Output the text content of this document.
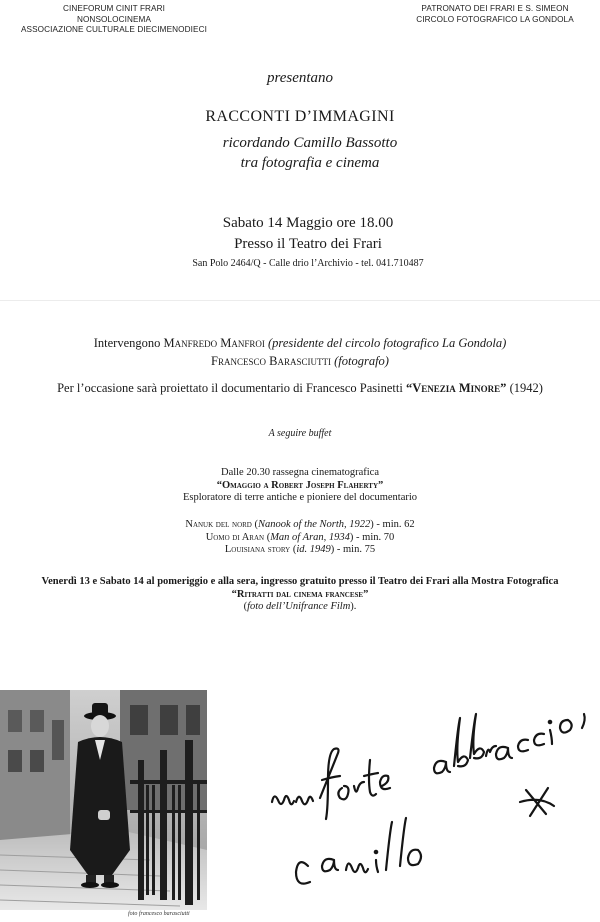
CINEFORUM CINIT FRARI
NONSOLOCINEMA
ASSOCIAZIONE CULTURALE DIECIMENODIECI
PATRONATO DEI FRARI E S. SIMEON
CIRCOLO FOTOGRAFICO LA GONDOLA
presentano
RACCONTI D’IMMAGINI
ricordando Camillo Bassotto
tra fotografia e cinema
Sabato 14 Maggio ore 18.00
Presso il Teatro dei Frari
San Polo 2464/Q - Calle drio l’Archivio - tel. 041.710487
Intervengono Manfredo Manfroi (presidente del circolo fotografico La Gondola)
Francesco Barasciutti (fotografo)
Per l’occasione sarà proiettato il documentario di Francesco Pasinetti “Venezia Minore” (1942)
A seguire buffet
Dalle 20.30 rassegna cinematografica
“Omaggio a Robert Joseph Flaherty”
Esploratore di terre antiche e pioniere del documentario
Nanuk del nord (Nanook of the North, 1922) - min. 62
Uomo di Aran (Man of Aran, 1934) - min. 70
Louisiana story (id. 1949) - min. 75
Venerdì 13 e Sabato 14 al pomeriggio e alla sera, ingresso gratuito presso il Teatro dei Frari alla Mostra Fotografica
“Ritratti dal cinema francese”
(foto dell’Unifrance Film).
foto francesco barasciutti
